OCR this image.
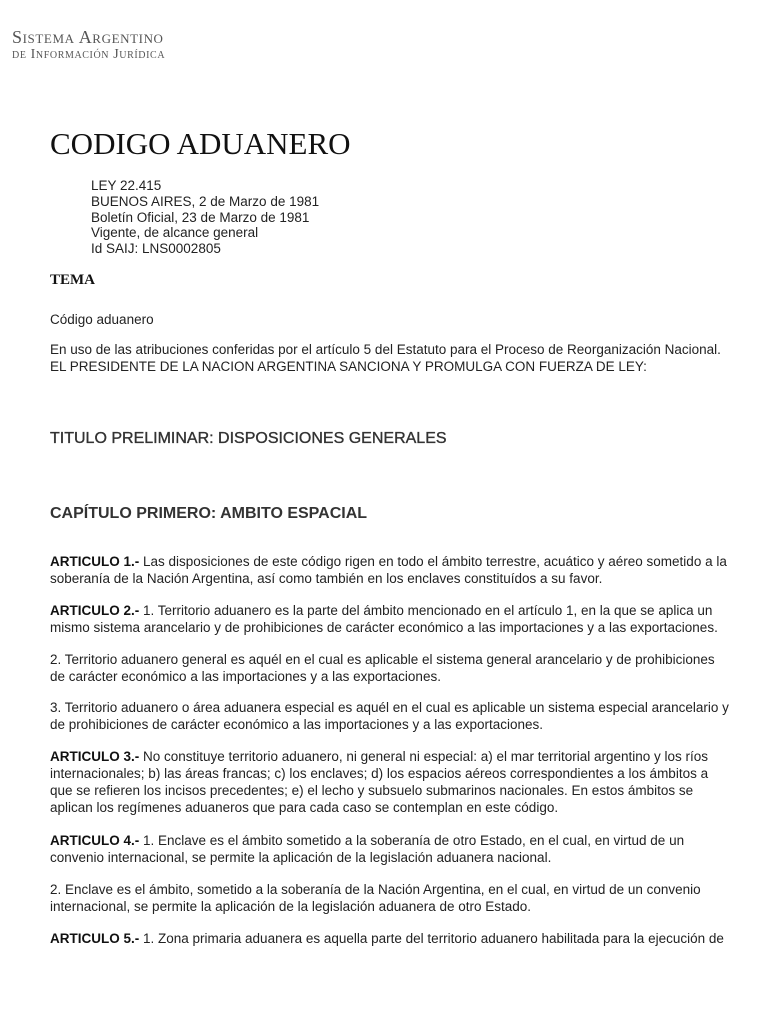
Sistema Argentino
de Información Jurídica
CODIGO ADUANERO
LEY 22.415
BUENOS AIRES, 2 de Marzo de 1981
Boletín Oficial, 23 de Marzo de 1981
Vigente, de alcance general
Id SAIJ: LNS0002805
TEMA

Código aduanero

En uso de las atribuciones conferidas por el artículo 5 del Estatuto para el Proceso de Reorganización Nacional.
EL PRESIDENTE DE LA NACION ARGENTINA SANCIONA Y PROMULGA CON FUERZA DE LEY:
TITULO PRELIMINAR: DISPOSICIONES GENERALES
CAPÍTULO PRIMERO: AMBITO ESPACIAL

ARTICULO 1.- Las disposiciones de este código rigen en todo el ámbito terrestre, acuático y aéreo sometido a la soberanía de la Nación Argentina, así como también en los enclaves constituídos a su favor.

ARTICULO 2.- 1. Territorio aduanero es la parte del ámbito mencionado en el artículo 1, en la que se aplica un mismo sistema arancelario y de prohibiciones de carácter económico a las importaciones y a las exportaciones.

2. Territorio aduanero general es aquél en el cual es aplicable el sistema general arancelario y de prohibiciones de carácter económico a las importaciones y a las exportaciones.

3. Territorio aduanero o área aduanera especial es aquél en el cual es aplicable un sistema especial arancelario y de prohibiciones de carácter económico a las importaciones y a las exportaciones.

ARTICULO 3.- No constituye territorio aduanero, ni general ni especial: a) el mar territorial argentino y los ríos internacionales; b) las áreas francas; c) los enclaves; d) los espacios aéreos correspondientes a los ámbitos a que se refieren los incisos precedentes; e) el lecho y subsuelo submarinos nacionales. En estos ámbitos se aplican los regímenes aduaneros que para cada caso se contemplan en este código.

ARTICULO 4.- 1. Enclave es el ámbito sometido a la soberanía de otro Estado, en el cual, en virtud de un convenio internacional, se permite la aplicación de la legislación aduanera nacional.

2. Enclave es el ámbito, sometido a la soberanía de la Nación Argentina, en el cual, en virtud de un convenio internacional, se permite la aplicación de la legislación aduanera de otro Estado.

ARTICULO 5.- 1. Zona primaria aduanera es aquella parte del territorio aduanero habilitada para la ejecución de
